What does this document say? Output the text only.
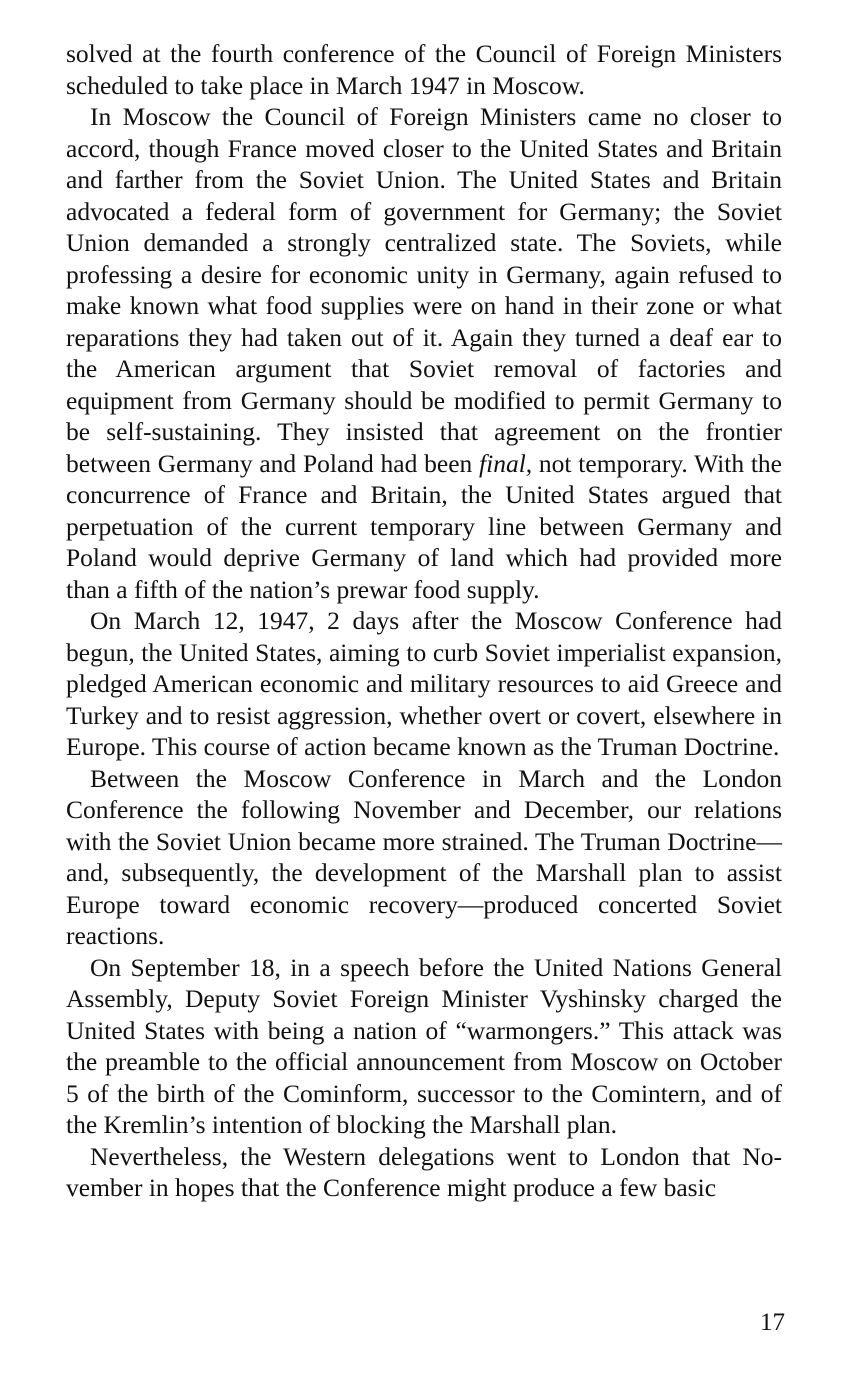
solved at the fourth conference of the Council of Foreign Ministers scheduled to take place in March 1947 in Moscow.

In Moscow the Council of Foreign Ministers came no closer to accord, though France moved closer to the United States and Britain and farther from the Soviet Union. The United States and Britain advocated a federal form of government for Germany; the Soviet Union demanded a strongly centralized state. The Soviets, while professing a desire for economic unity in Germany, again refused to make known what food supplies were on hand in their zone or what reparations they had taken out of it. Again they turned a deaf ear to the American argument that Soviet removal of factories and equipment from Germany should be modified to permit Germany to be self-sustaining. They insisted that agreement on the frontier between Germany and Poland had been final, not temporary. With the concurrence of France and Britain, the United States argued that perpetuation of the current temporary line between Germany and Poland would deprive Germany of land which had provided more than a fifth of the nation’s prewar food supply.

On March 12, 1947, 2 days after the Moscow Conference had begun, the United States, aiming to curb Soviet imperialist expansion, pledged American economic and military resources to aid Greece and Turkey and to resist aggression, whether overt or covert, elsewhere in Europe. This course of action became known as the Truman Doctrine.

Between the Moscow Conference in March and the London Conference the following November and December, our relations with the Soviet Union became more strained. The Truman Doctrine—and, subsequently, the development of the Marshall plan to assist Europe toward economic recovery—produced concerted Soviet reactions.

On September 18, in a speech before the United Nations General Assembly, Deputy Soviet Foreign Minister Vyshinsky charged the United States with being a nation of “warmongers.” This attack was the preamble to the official announcement from Moscow on October 5 of the birth of the Cominform, successor to the Comintern, and of the Kremlin’s intention of blocking the Marshall plan.

Nevertheless, the Western delegations went to London that November in hopes that the Conference might produce a few basic

17
